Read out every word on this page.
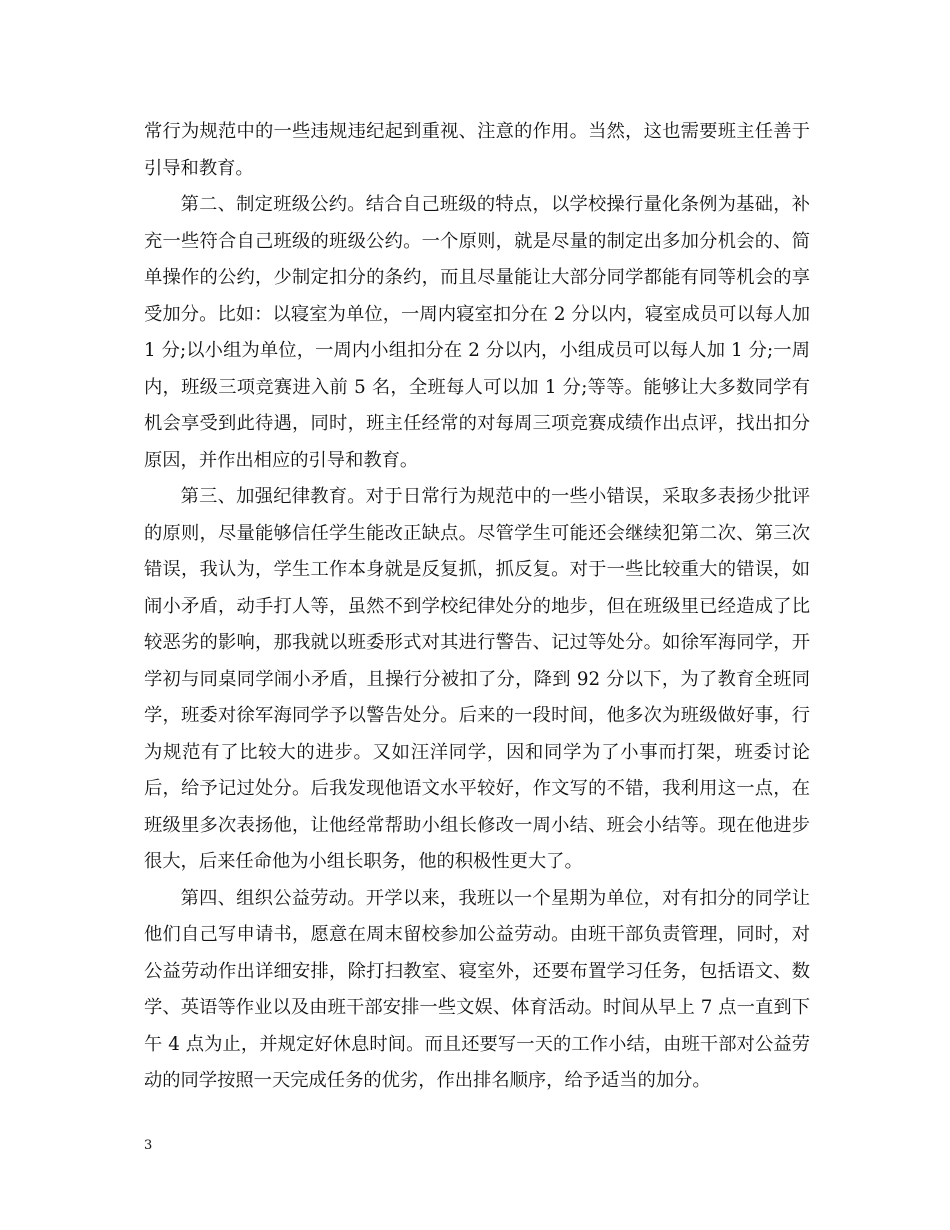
常行为规范中的一些违规违纪起到重视、注意的作用。当然，这也需要班主任善于引导和教育。

第二、制定班级公约。结合自己班级的特点，以学校操行量化条例为基础，补充一些符合自己班级的班级公约。一个原则，就是尽量的制定出多加分机会的、简单操作的公约，少制定扣分的条约，而且尽量能让大部分同学都能有同等机会的享受加分。比如：以寝室为单位，一周内寝室扣分在 2 分以内，寝室成员可以每人加 1 分;以小组为单位，一周内小组扣分在 2 分以内，小组成员可以每人加 1 分;一周内，班级三项竞赛进入前 5 名，全班每人可以加 1 分;等等。能够让大多数同学有机会享受到此待遇，同时，班主任经常的对每周三项竞赛成绩作出点评，找出扣分原因，并作出相应的引导和教育。

第三、加强纪律教育。对于日常行为规范中的一些小错误，采取多表扬少批评的原则，尽量能够信任学生能改正缺点。尽管学生可能还会继续犯第二次、第三次错误，我认为，学生工作本身就是反复抓，抓反复。对于一些比较重大的错误，如闹小矛盾，动手打人等，虽然不到学校纪律处分的地步，但在班级里已经造成了比较恶劣的影响，那我就以班委形式对其进行警告、记过等处分。如徐军海同学，开学初与同桌同学闹小矛盾，且操行分被扣了分，降到 92 分以下，为了教育全班同学，班委对徐军海同学予以警告处分。后来的一段时间，他多次为班级做好事，行为规范有了比较大的进步。又如汪洋同学，因和同学为了小事而打架，班委讨论后，给予记过处分。后我发现他语文水平较好，作文写的不错，我利用这一点，在班级里多次表扬他，让他经常帮助小组长修改一周小结、班会小结等。现在他进步很大，后来任命他为小组长职务，他的积极性更大了。

第四、组织公益劳动。开学以来，我班以一个星期为单位，对有扣分的同学让他们自己写申请书，愿意在周末留校参加公益劳动。由班干部负责管理，同时，对公益劳动作出详细安排，除打扫教室、寝室外，还要布置学习任务，包括语文、数学、英语等作业以及由班干部安排一些文娱、体育活动。时间从早上 7 点一直到下午 4 点为止，并规定好休息时间。而且还要写一天的工作小结，由班干部对公益劳动的同学按照一天完成任务的优劣，作出排名顺序，给予适当的加分。

3
